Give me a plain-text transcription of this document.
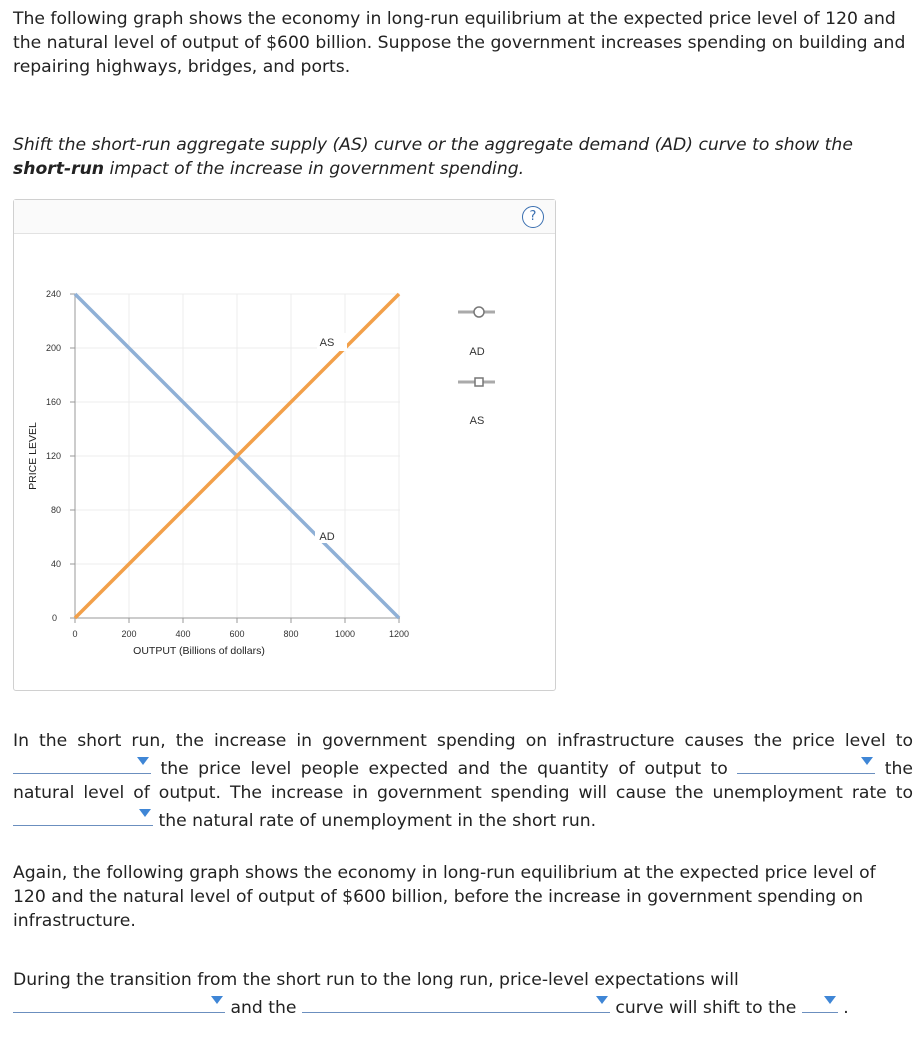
The following graph shows the economy in long-run equilibrium at the expected price level of 120 and the natural level of output of $600 billion. Suppose the government increases spending on building and repairing highways, bridges, and ports.

Shift the short-run aggregate supply (AS) curve or the aggregate demand (AD) curve to show the short-run impact of the increase in government spending.

?
240
200
160
120
80
40
0
0	200	400	600	800	1000	1200
OUTPUT (Billions of dollars)
PRICE LEVEL
AS
AD
AD
AS

In the short run, the increase in government spending on infrastructure causes the price level to
the price level people expected and the quantity of output to	the natural level of output. The increase in government spending will cause the unemployment rate to
the natural rate of unemployment in the short run.

Again, the following graph shows the economy in long-run equilibrium at the expected price level of 120 and the natural level of output of $600 billion, before the increase in government spending on infrastructure.

During the transition from the short run to the long run, price-level expectations will

and the	curve will shift to the
.
